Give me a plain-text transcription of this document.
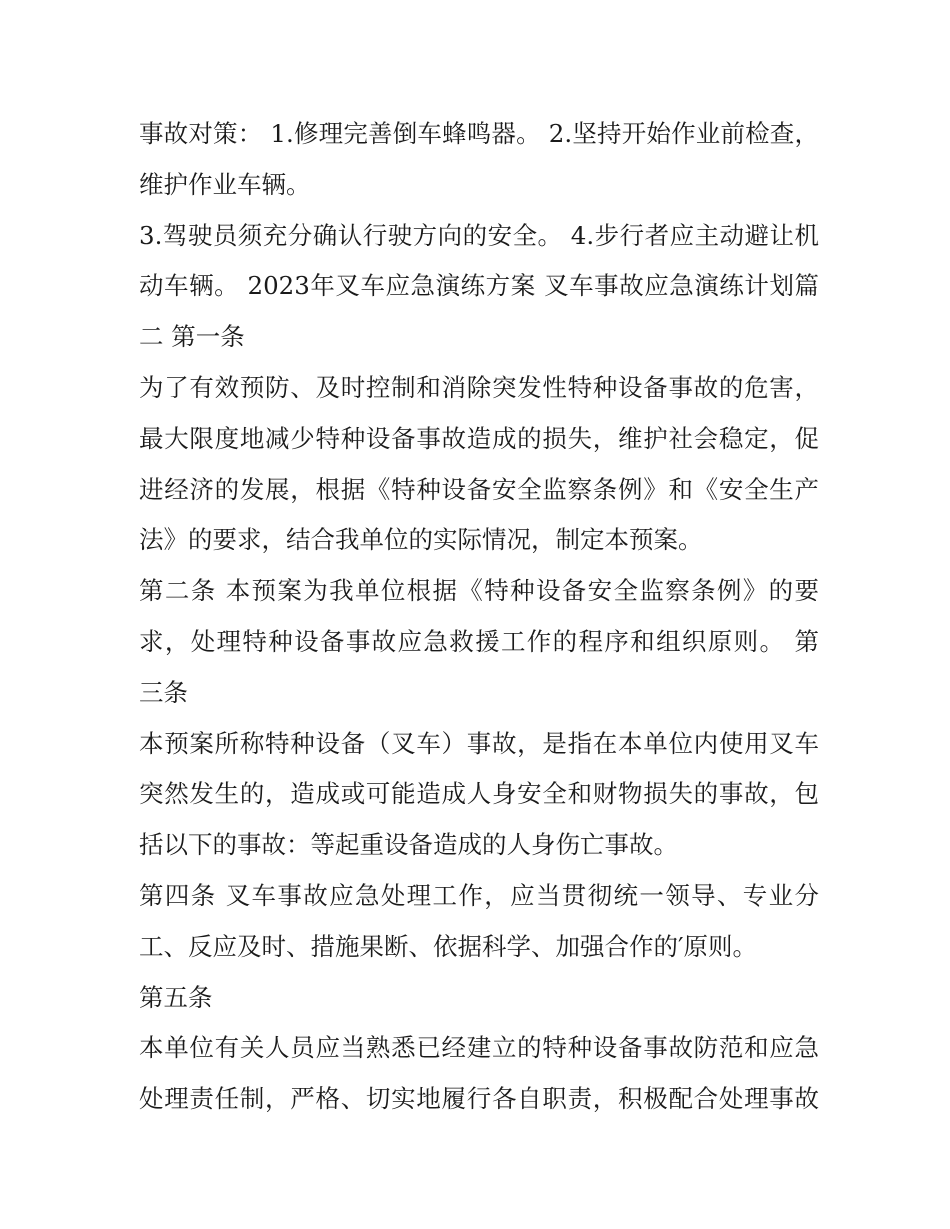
事故对策： 1.修理完善倒车蜂鸣器。 2.坚持开始作业前检查，
维护作业车辆。
3.驾驶员须充分确认行驶方向的安全。 4.步行者应主动避让机
动车辆。 2023年叉车应急演练方案 叉车事故应急演练计划篇
二 第一条
为了有效预防、及时控制和消除突发性特种设备事故的危害，
最大限度地减少特种设备事故造成的损失，维护社会稳定，促
进经济的发展，根据《特种设备安全监察条例》和《安全生产
法》的要求，结合我单位的实际情况，制定本预案。
第二条 本预案为我单位根据《特种设备安全监察条例》的要
求，处理特种设备事故应急救援工作的程序和组织原则。 第
三条
本预案所称特种设备（叉车）事故，是指在本单位内使用叉车
突然发生的，造成或可能造成人身安全和财物损失的事故，包
括以下的事故：等起重设备造成的人身伤亡事故。
第四条 叉车事故应急处理工作，应当贯彻统一领导、专业分
工、反应及时、措施果断、依据科学、加强合作的′原则。
第五条
本单位有关人员应当熟悉已经建立的特种设备事故防范和应急
处理责任制，严格、切实地履行各自职责，积极配合处理事故
